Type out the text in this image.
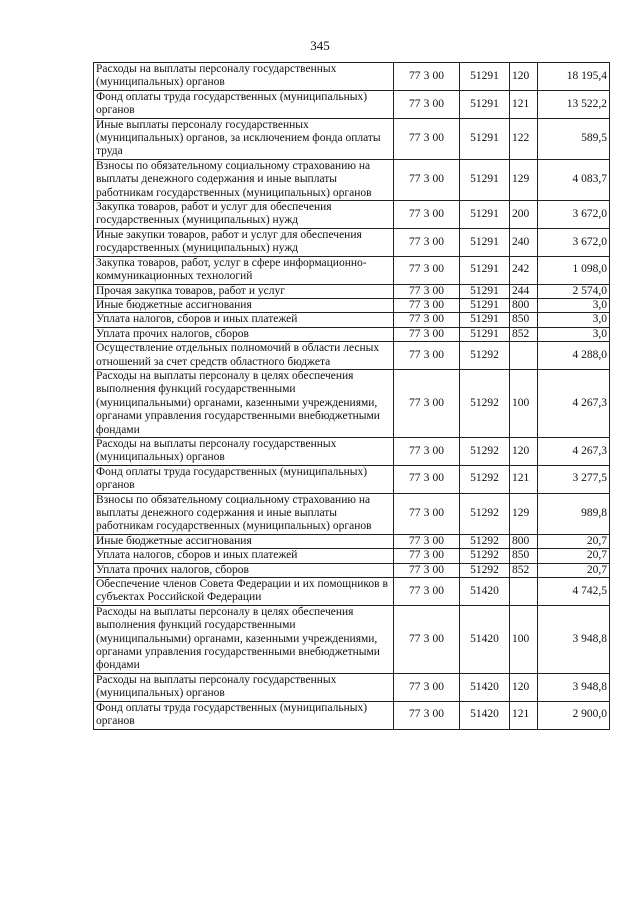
345
Расходы на выплаты персоналу государственных (муниципальных) органов	77 3 00	51291	120	18 195,4
Фонд оплаты труда государственных (муниципальных) органов	77 3 00	51291	121	13 522,2
Иные выплаты персоналу государственных (муниципальных) органов, за исключением фонда оплаты труда	77 3 00	51291	122	589,5
Взносы по обязательному социальному страхованию на выплаты денежного содержания и иные выплаты работникам государственных (муниципальных) органов	77 3 00	51291	129	4 083,7
Закупка товаров, работ и услуг для обеспечения государственных (муниципальных) нужд	77 3 00	51291	200	3 672,0
Иные закупки товаров, работ и услуг для обеспечения государственных (муниципальных) нужд	77 3 00	51291	240	3 672,0
Закупка товаров, работ, услуг в сфере информационно-коммуникационных технологий	77 3 00	51291	242	1 098,0
Прочая закупка товаров, работ и услуг	77 3 00	51291	244	2 574,0
Иные бюджетные ассигнования	77 3 00	51291	800	3,0
Уплата налогов, сборов и иных платежей	77 3 00	51291	850	3,0
Уплата прочих налогов, сборов	77 3 00	51291	852	3,0
Осуществление отдельных полномочий в области лесных отношений за счет средств областного бюджета	77 3 00	51292		4 288,0
Расходы на выплаты персоналу в целях обеспечения выполнения функций государственными (муниципальными) органами, казенными учреждениями, органами управления государственными внебюджетными фондами	77 3 00	51292	100	4 267,3
Расходы на выплаты персоналу государственных (муниципальных) органов	77 3 00	51292	120	4 267,3
Фонд оплаты труда государственных (муниципальных) органов	77 3 00	51292	121	3 277,5
Взносы по обязательному социальному страхованию на выплаты денежного содержания и иные выплаты работникам государственных (муниципальных) органов	77 3 00	51292	129	989,8
Иные бюджетные ассигнования	77 3 00	51292	800	20,7
Уплата налогов, сборов и иных платежей	77 3 00	51292	850	20,7
Уплата прочих налогов, сборов	77 3 00	51292	852	20,7
Обеспечение членов Совета Федерации и их помощников в субъектах Российской Федерации	77 3 00	51420		4 742,5
Расходы на выплаты персоналу в целях обеспечения выполнения функций государственными (муниципальными) органами, казенными учреждениями, органами управления государственными внебюджетными фондами	77 3 00	51420	100	3 948,8
Расходы на выплаты персоналу государственных (муниципальных) органов	77 3 00	51420	120	3 948,8
Фонд оплаты труда государственных (муниципальных) органов	77 3 00	51420	121	2 900,0
